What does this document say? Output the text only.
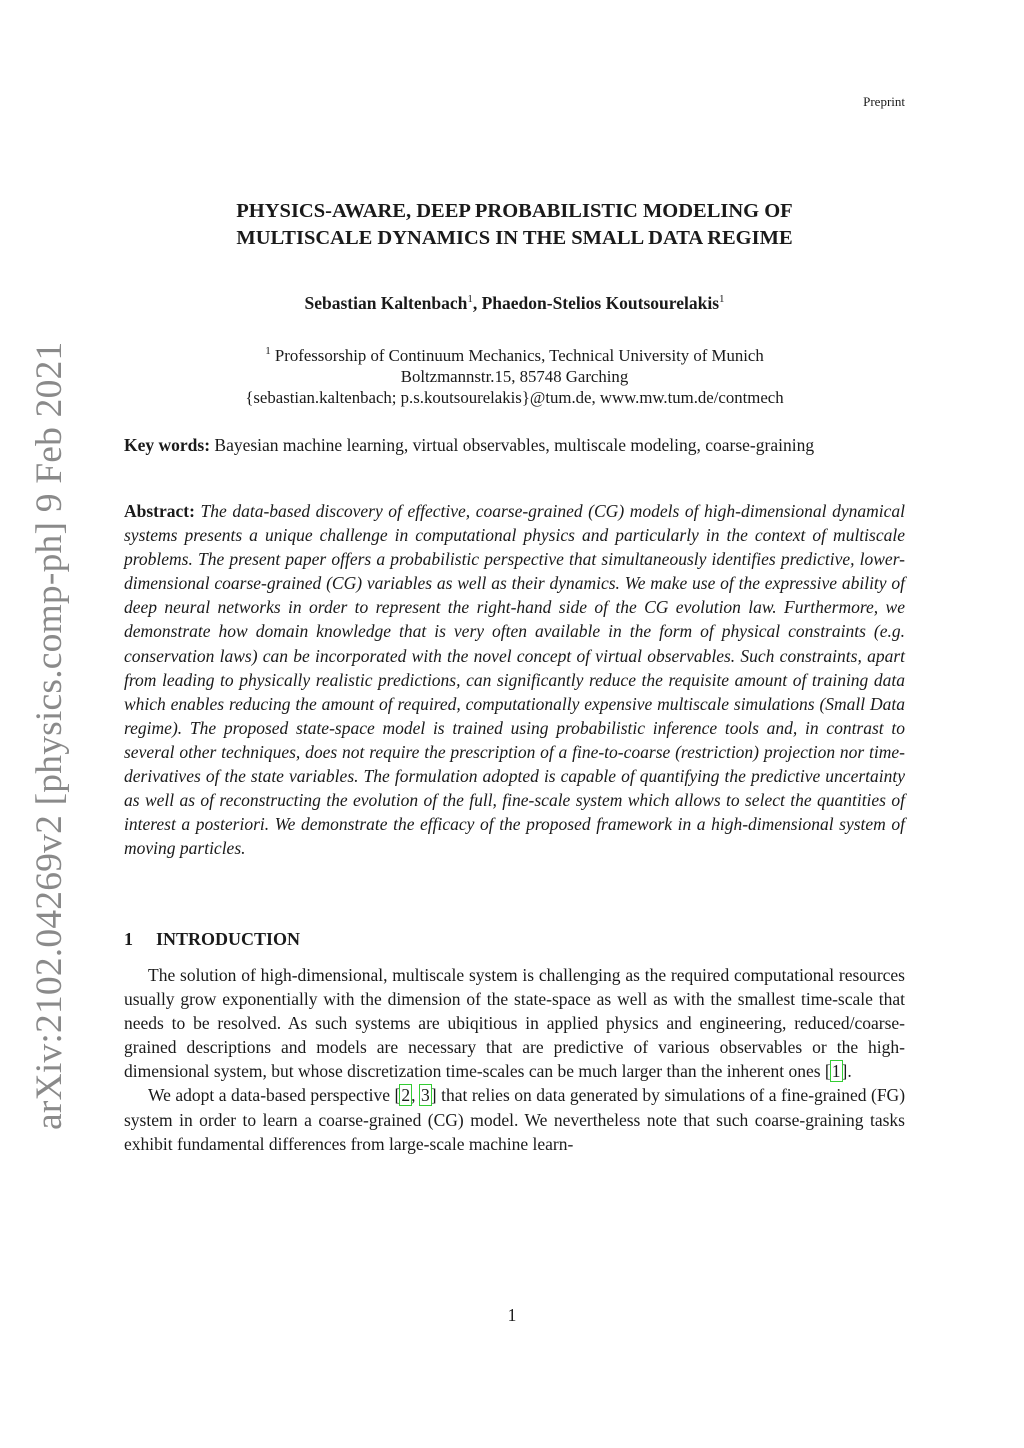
Preprint
arXiv:2102.04269v2 [physics.comp-ph] 9 Feb 2021
PHYSICS-AWARE, DEEP PROBABILISTIC MODELING OF
MULTISCALE DYNAMICS IN THE SMALL DATA REGIME
Sebastian Kaltenbach$^1$, Phaedon-Stelios Koutsourelakis$^1$
$^1$ Professorship of Continuum Mechanics, Technical University of Munich
Boltzmannstr.15, 85748 Garching
{sebastian.kaltenbach; p.s.koutsourelakis}@tum.de, www.mw.tum.de/contmech
Key words: Bayesian machine learning, virtual observables, multiscale modeling, coarse-graining
Abstract: The data-based discovery of effective, coarse-grained (CG) models of high-dimensional dynamical systems presents a unique challenge in computational physics and particularly in the context of multiscale problems. The present paper offers a probabilistic perspective that simultaneously identifies predictive, lower-dimensional coarse-grained (CG) variables as well as their dynamics. We make use of the expressive ability of deep neural networks in order to represent the right-hand side of the CG evolution law. Furthermore, we demonstrate how domain knowledge that is very often available in the form of physical constraints (e.g. conservation laws) can be incorporated with the novel concept of virtual observables. Such constraints, apart from leading to physically realistic predictions, can significantly reduce the requisite amount of training data which enables reducing the amount of required, computationally expensive multiscale simulations (Small Data regime). The proposed state-space model is trained using probabilistic inference tools and, in contrast to several other techniques, does not require the prescription of a fine-to-coarse (restriction) projection nor time-derivatives of the state variables. The formulation adopted is capable of quantifying the predictive uncertainty as well as of reconstructing the evolution of the full, fine-scale system which allows to select the quantities of interest a posteriori. We demonstrate the efficacy of the proposed framework in a high-dimensional system of moving particles.
1 INTRODUCTION

The solution of high-dimensional, multiscale system is challenging as the required computational resources usually grow exponentially with the dimension of the state-space as well as with the smallest time-scale that needs to be resolved. As such systems are ubiqitious in applied physics and engineering, reduced/coarse-grained descriptions and models are necessary that are predictive of various observables or the high-dimensional system, but whose discretization time-scales can be much larger than the inherent ones [1].

We adopt a data-based perspective [2, 3] that relies on data generated by simulations of a fine-grained (FG) system in order to learn a coarse-grained (CG) model. We nevertheless note that such coarse-graining tasks exhibit fundamental differences from large-scale machine learn-

1
